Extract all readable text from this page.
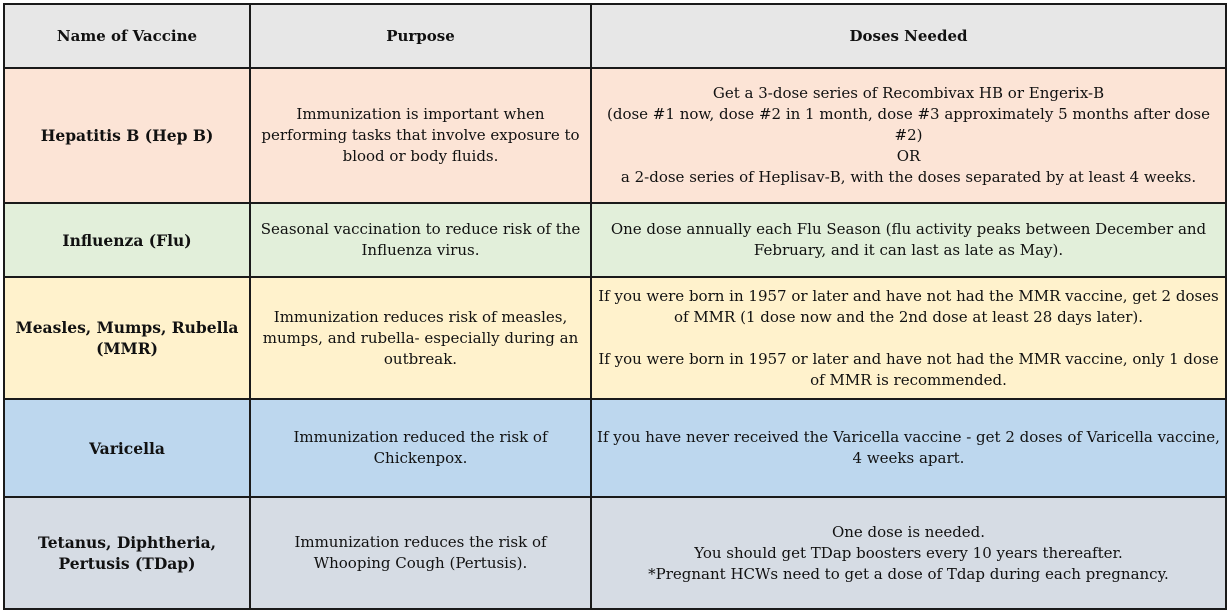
Name of Vaccine	Purpose	Doses Needed
Hepatitis B (Hep B)	Immunization is important when performing tasks that involve exposure to blood or body fluids.	Get a 3-dose series of Recombivax HB or Engerix-B
(dose #1 now, dose #2 in 1 month, dose #3 approximately 5 months after dose #2)
OR
a 2-dose series of Heplisav-B, with the doses separated by at least 4 weeks.

Influenza (Flu)	Seasonal vaccination to reduce risk of the Influenza virus.	One dose annually each Flu Season (flu activity peaks between December and February, and it can last as late as May).

Measles, Mumps, Rubella (MMR)	Immunization reduces risk of measles, mumps, and rubella- especially during an outbreak.	If you were born in 1957 or later and have not had the MMR vaccine, get 2 doses of MMR (1 dose now and the 2nd dose at least 28 days later).
If you were born in 1957 or later and have not had the MMR vaccine, only 1 dose of MMR is recommended.

Varicella	Immunization reduced the risk of Chickenpox.	If you have never received the Varicella vaccine - get 2 doses of Varicella vaccine, 4 weeks apart.

Tetanus, Diphtheria, Pertusis (TDap)	Immunization reduces the risk of Whooping Cough (Pertusis).	One dose is needed.
You should get TDap boosters every 10 years thereafter.
*Pregnant HCWs need to get a dose of Tdap during each pregnancy.
